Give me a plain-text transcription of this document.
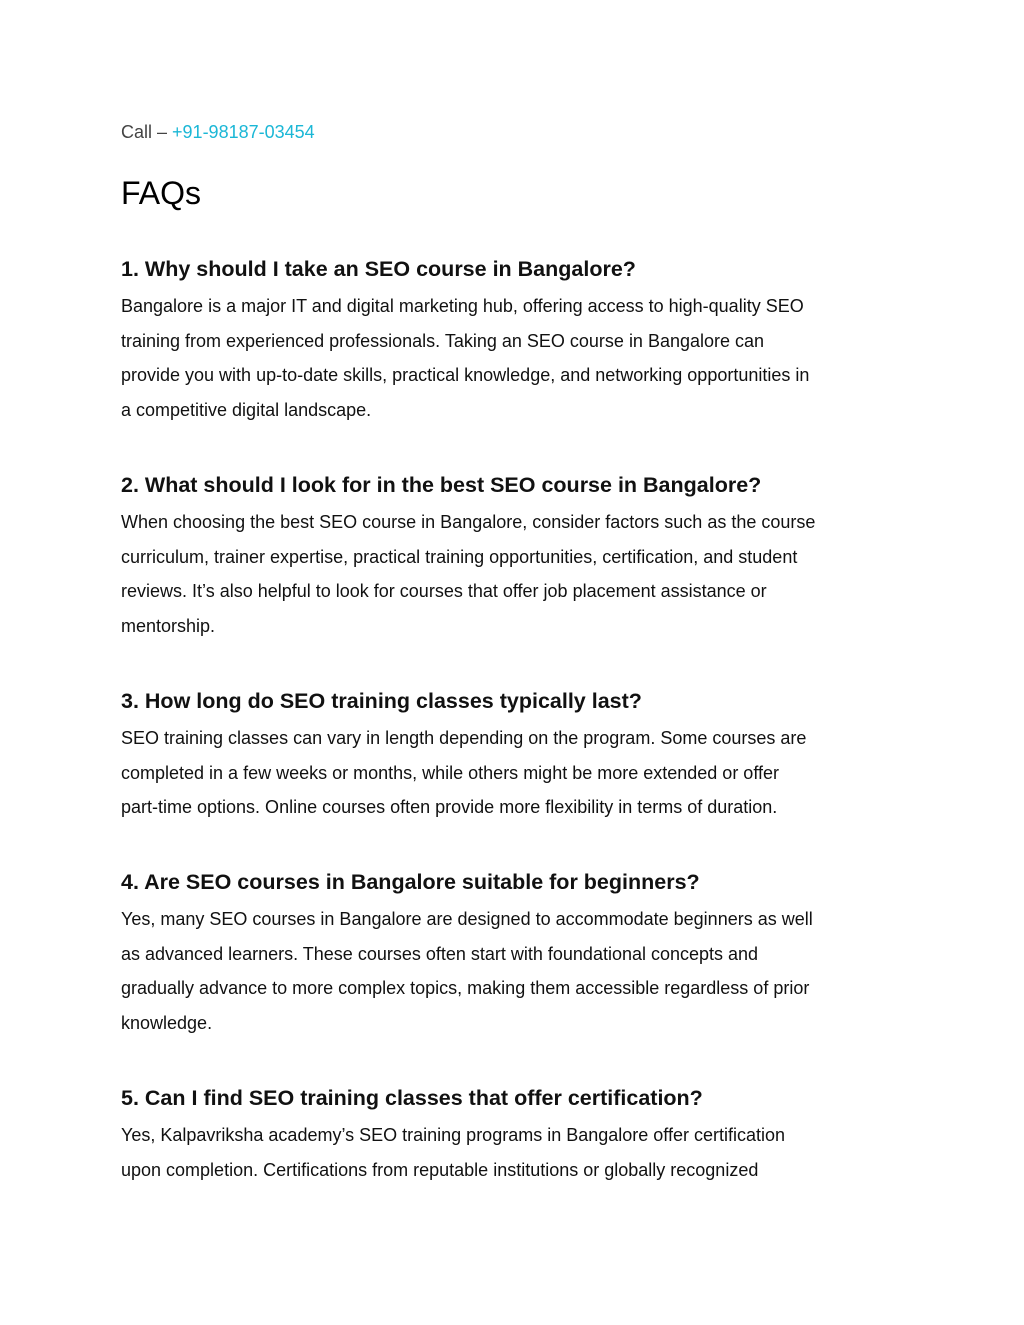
Call – +91-98187-03454
FAQs
1. Why should I take an SEO course in Bangalore?

Bangalore is a major IT and digital marketing hub, offering access to high-quality SEO
training from experienced professionals. Taking an SEO course in Bangalore can
provide you with up-to-date skills, practical knowledge, and networking opportunities in
a competitive digital landscape.

2. What should I look for in the best SEO course in Bangalore?

When choosing the best SEO course in Bangalore, consider factors such as the course
curriculum, trainer expertise, practical training opportunities, certification, and student
reviews. It’s also helpful to look for courses that offer job placement assistance or
mentorship.

3. How long do SEO training classes typically last?

SEO training classes can vary in length depending on the program. Some courses are
completed in a few weeks or months, while others might be more extended or offer
part-time options. Online courses often provide more flexibility in terms of duration.

4. Are SEO courses in Bangalore suitable for beginners?

Yes, many SEO courses in Bangalore are designed to accommodate beginners as well
as advanced learners. These courses often start with foundational concepts and
gradually advance to more complex topics, making them accessible regardless of prior
knowledge.

5. Can I find SEO training classes that offer certification?

Yes, Kalpavriksha academy’s SEO training programs in Bangalore offer certification
upon completion. Certifications from reputable institutions or globally recognized
